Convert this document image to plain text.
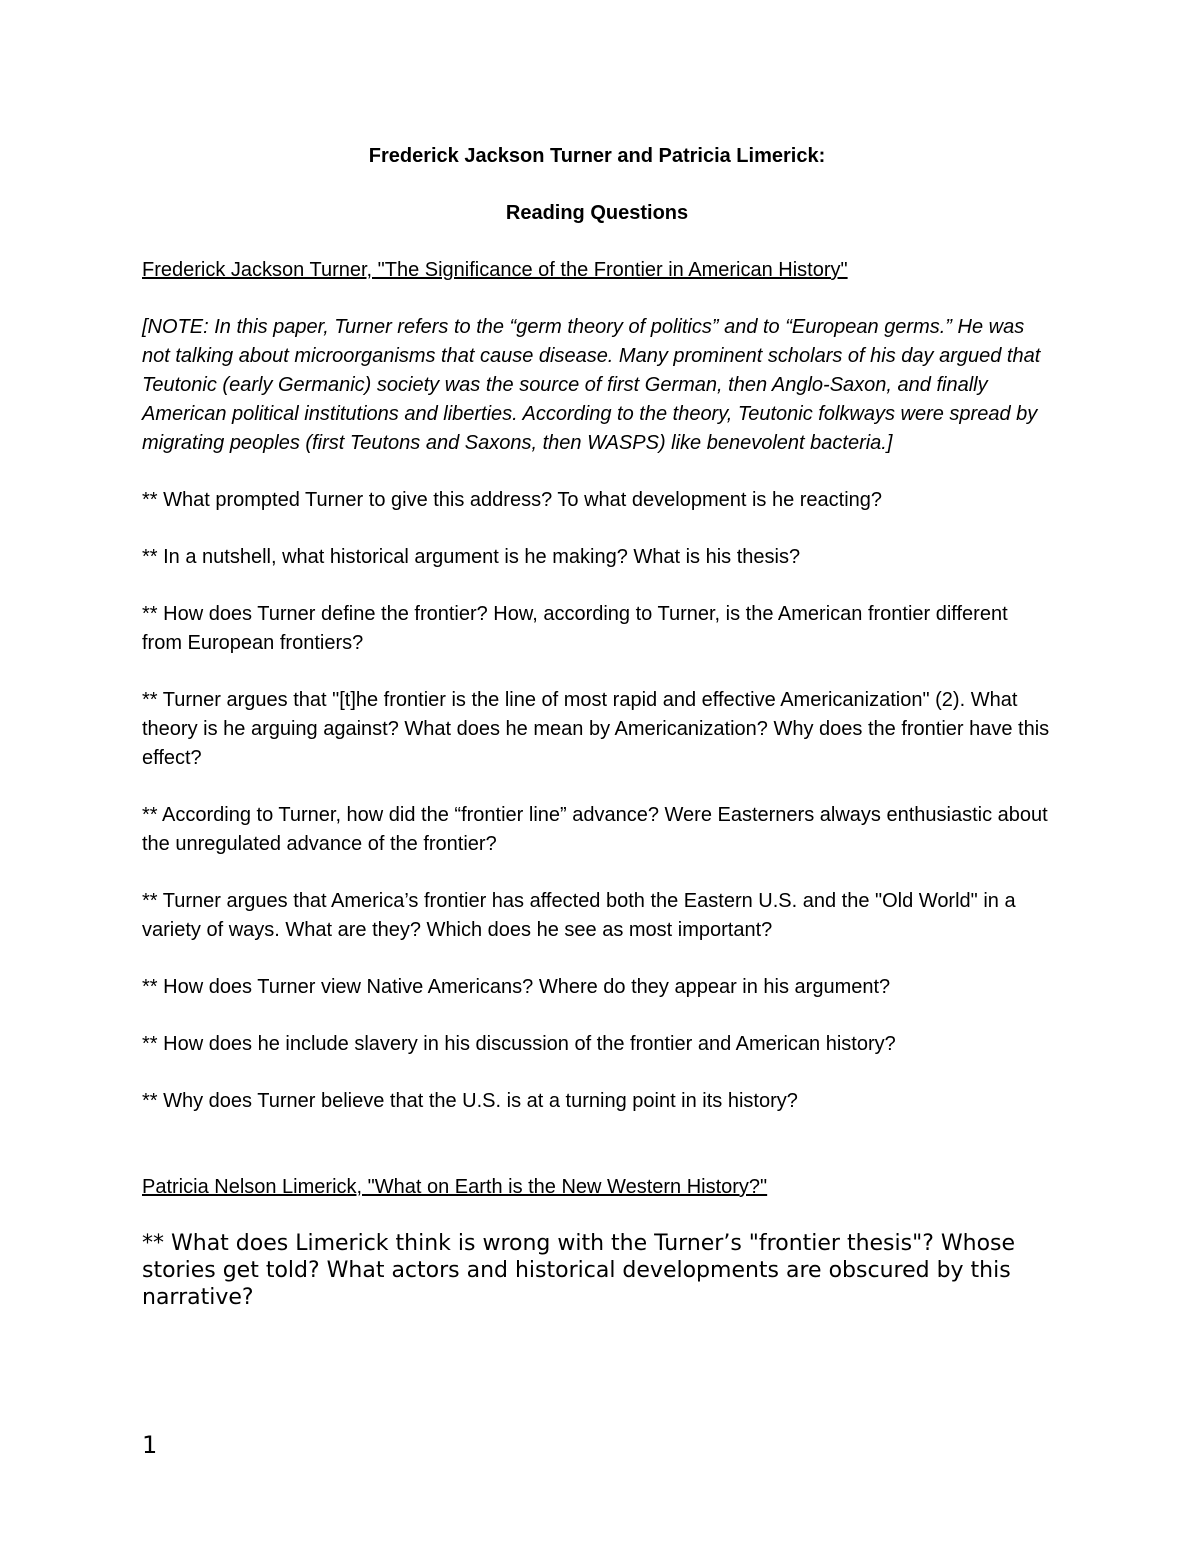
Frederick Jackson Turner and Patricia Limerick:

Reading Questions

Frederick Jackson Turner, "The Significance of the Frontier in American History"

[NOTE: In this paper, Turner refers to the “germ theory of politics” and to “European germs.” He was not talking about microorganisms that cause disease. Many prominent scholars of his day argued that Teutonic (early Germanic) society was the source of first German, then Anglo-Saxon, and finally American political institutions and liberties. According to the theory, Teutonic folkways were spread by migrating peoples (first Teutons and Saxons, then WASPS) like benevolent bacteria.]

** What prompted Turner to give this address? To what development is he reacting?

** In a nutshell, what historical argument is he making? What is his thesis?

** How does Turner define the frontier? How, according to Turner, is the American frontier different from European frontiers?

** Turner argues that "[t]he frontier is the line of most rapid and effective Americanization" (2). What theory is he arguing against? What does he mean by Americanization? Why does the frontier have this effect?

** According to Turner, how did the “frontier line” advance? Were Easterners always enthusiastic about the unregulated advance of the frontier?

** Turner argues that America’s frontier has affected both the Eastern U.S. and the "Old World" in a variety of ways. What are they? Which does he see as most important?

** How does Turner view Native Americans? Where do they appear in his argument?

** How does he include slavery in his discussion of the frontier and American history?

** Why does Turner believe that the U.S. is at a turning point in its history?

Patricia Nelson Limerick, "What on Earth is the New Western History?"

** What does Limerick think is wrong with the Turner’s "frontier thesis"? Whose stories get told? What actors and historical developments are obscured by this narrative?

1
